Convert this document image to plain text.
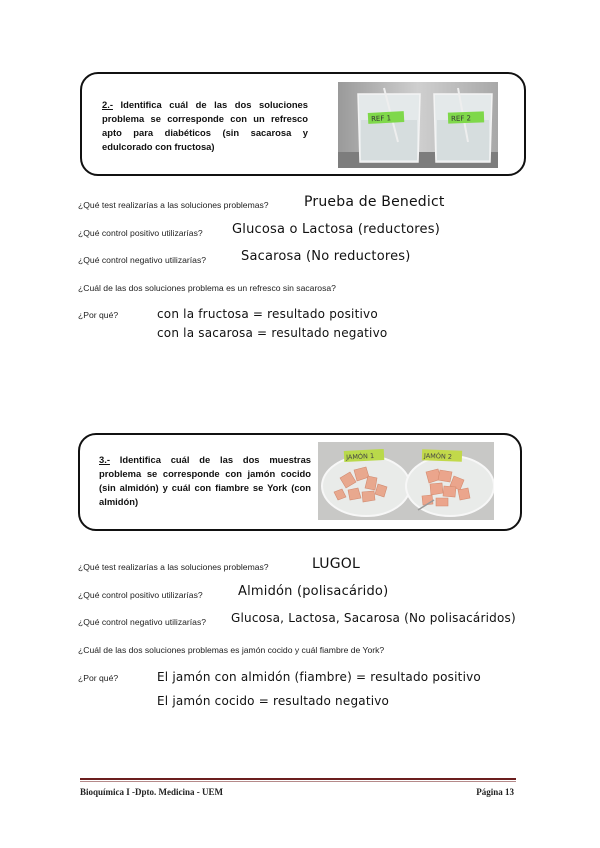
2.- Identifica cuál de las dos soluciones problema se corresponde con un refresco apto para diabéticos (sin sacarosa y edulcorado con fructosa)
REF 1	REF 2
¿Qué test realizarías a las soluciones problemas?	Prueba de Benedict
¿Qué control positivo utilizarías? Glucosa o Lactosa (reductores)
¿Qué control negativo utilizarías?	Sacarosa (No reductores)
¿Cuál de las dos soluciones problema es un refresco sin sacarosa?
¿Por qué?	con la fructosa = resultado positivo
con la sacarosa = resultado negativo
3.- Identifica cuál de las dos muestras problema se corresponde con jamón cocido (sin almidón) y cuál con fiambre se York (con almidón)
JAMÓN 1	JAMÓN 2
¿Qué test realizarías a las soluciones problemas?	LUGOL
¿Qué control positivo utilizarías?	Almidón (polisacárido)
¿Qué control negativo utilizarías? Glucosa, Lactosa, Sacarosa (No polisacáridos)
¿Cuál de las dos soluciones problemas es jamón cocido y cuál fiambre de York?
¿Por qué?	El jamón con almidón (fiambre) = resultado positivo
El jamón cocido = resultado negativo
Bioquímica I -Dpto. Medicina - UEM	Página 13
